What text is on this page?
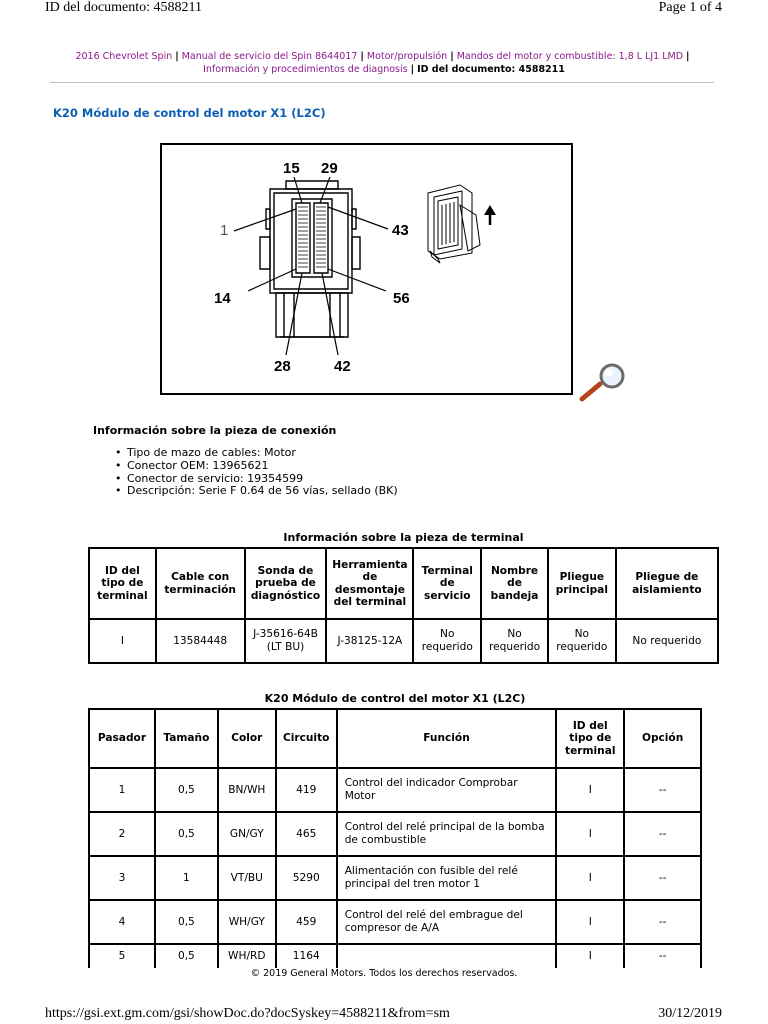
ID del documento: 4588211	Page 1 of 4
2016 Chevrolet Spin | Manual de servicio del Spin 8644017 | Motor/propulsión | Mandos del motor y combustible: 1,8 L LJ1 LMD |
Información y procedimientos de diagnosis | ID del documento: 4588211
K20 Módulo de control del motor X1 (L2C)
15 29
1	43
14	56
28	42
Información sobre la pieza de conexión
• Tipo de mazo de cables: Motor
• Conector OEM: 13965621
• Conector de servicio: 19354599
• Descripción: Serie F 0.64 de 56 vías, sellado (BK)
Información sobre la pieza de terminal
ID del tipo de terminal	Cable con terminación	Sonda de prueba de diagnóstico	Herramienta de desmontaje del terminal	Terminal de servicio	Nombre de bandeja	Pliegue principal	Pliegue de aislamiento
I	13584448	J-35616-64B (LT BU)	J-38125-12A	No requerido	No requerido	No requerido	No requerido
K20 Módulo de control del motor X1 (L2C)
Pasador	Tamaño	Color	Circuito	Función	ID del tipo de terminal	Opción
1	0,5	BN/WH	419	Control del indicador Comprobar Motor	I	--
2	0,5	GN/GY	465	Control del relé principal de la bomba de combustible	I	--
3	1	VT/BU	5290	Alimentación con fusible del relé principal del tren motor 1	I	--
4	0,5	WH/GY	459	Control del relé del embrague del compresor de A/A	I	--
5	0,5	WH/RD	1164		I	--
© 2019 General Motors. Todos los derechos reservados.
https://gsi.ext.gm.com/gsi/showDoc.do?docSyskey=4588211&from=sm	30/12/2019
